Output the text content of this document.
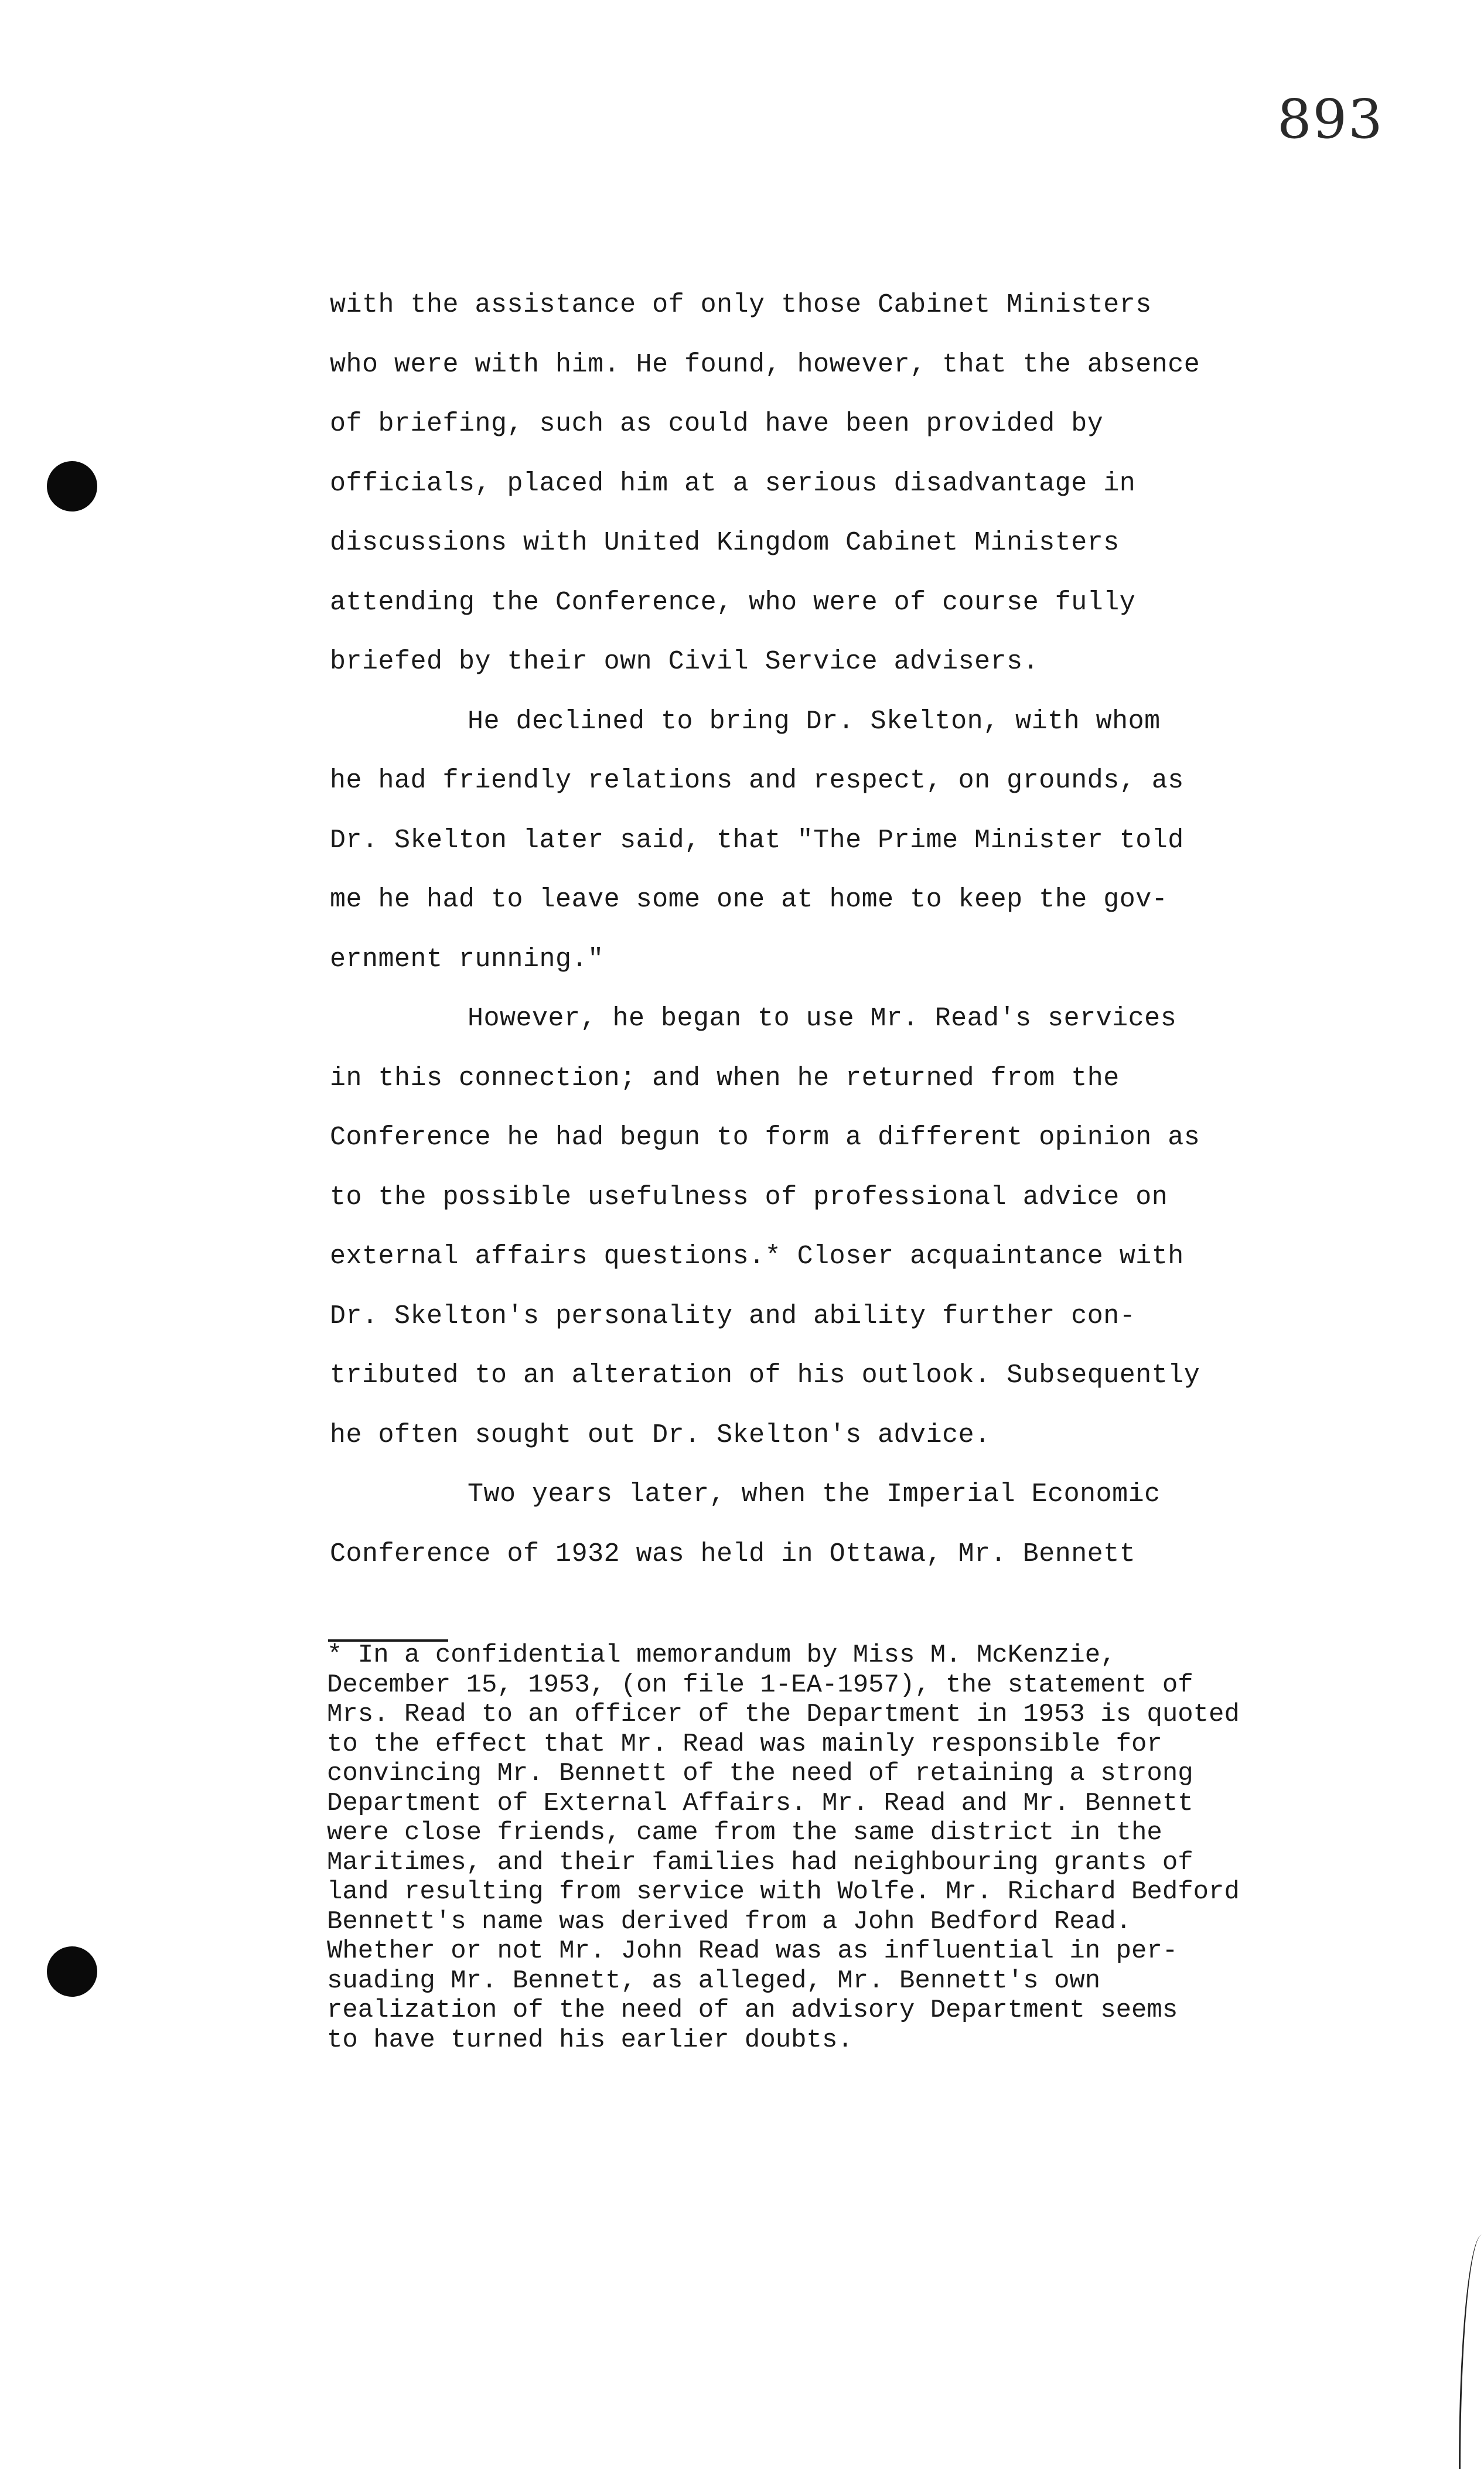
893
with the assistance of only those Cabinet Ministers
who were with him. He found, however, that the absence
of briefing, such as could have been provided by
officials, placed him at a serious disadvantage in
discussions with United Kingdom Cabinet Ministers
attending the Conference, who were of course fully
briefed by their own Civil Service advisers.
He declined to bring Dr. Skelton, with whom
he had friendly relations and respect, on grounds, as
Dr. Skelton later said, that "The Prime Minister told
me he had to leave some one at home to keep the gov-
ernment running."
However, he began to use Mr. Read's services
in this connection; and when he returned from the
Conference he had begun to form a different opinion as
to the possible usefulness of professional advice on
external affairs questions.* Closer acquaintance with
Dr. Skelton's personality and ability further con-
tributed to an alteration of his outlook. Subsequently
he often sought out Dr. Skelton's advice.
Two years later, when the Imperial Economic
Conference of 1932 was held in Ottawa, Mr. Bennett
* In a confidential memorandum by Miss M. McKenzie,
December 15, 1953, (on file 1-EA-1957), the statement of
Mrs. Read to an officer of the Department in 1953 is quoted
to the effect that Mr. Read was mainly responsible for
convincing Mr. Bennett of the need of retaining a strong
Department of External Affairs. Mr. Read and Mr. Bennett
were close friends, came from the same district in the
Maritimes, and their families had neighbouring grants of
land resulting from service with Wolfe. Mr. Richard Bedford
Bennett's name was derived from a John Bedford Read.
Whether or not Mr. John Read was as influential in per-
suading Mr. Bennett, as alleged, Mr. Bennett's own
realization of the need of an advisory Department seems
to have turned his earlier doubts.
